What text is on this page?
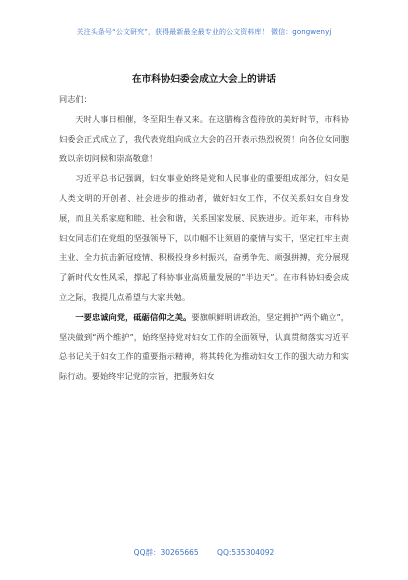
关注头条号“公文研究”，获得最新最全最专业的公文资料库！ 微信：gongwenyj
在市科协妇委会成立大会上的讲话

同志们：

天时人事日相催，冬至阳生春又来。在这腊梅含苞待放的美好时节，市科协妇委会正式成立了，我代表党组向成立大会的召开表示热烈祝贺！向各位女同胞致以亲切问候和崇高敬意！

习近平总书记强调，妇女事业始终是党和人民事业的重要组成部分，妇女是人类文明的开创者、社会进步的推动者，做好妇女工作，不仅关系妇女自身发展，而且关系家庭和睦、社会和谐，关系国家发展、民族进步。近年来，市科协妇女同志们在党组的坚强领导下，以巾帼不让须眉的豪情与实干，坚定扛牢主责主业、全力抗击新冠疫情、积极投身乡村振兴，奋勇争先、顽强拼搏，充分展现了新时代女性风采，撑起了科协事业高质量发展的“半边天”。在市科协妇委会成立之际，我提几点希望与大家共勉。

一要忠诚向党，砥砺信仰之美。要旗帜鲜明讲政治，坚定拥护“两个确立”，坚决做到“两个维护”，始终坚持党对妇女工作的全面领导，认真贯彻落实习近平总书记关于妇女工作的重要指示精神，将其转化为推动妇女工作的强大动力和实际行动。要始终牢记党的宗旨，把服务妇女

QQ群：30265665 QQ:535304092
